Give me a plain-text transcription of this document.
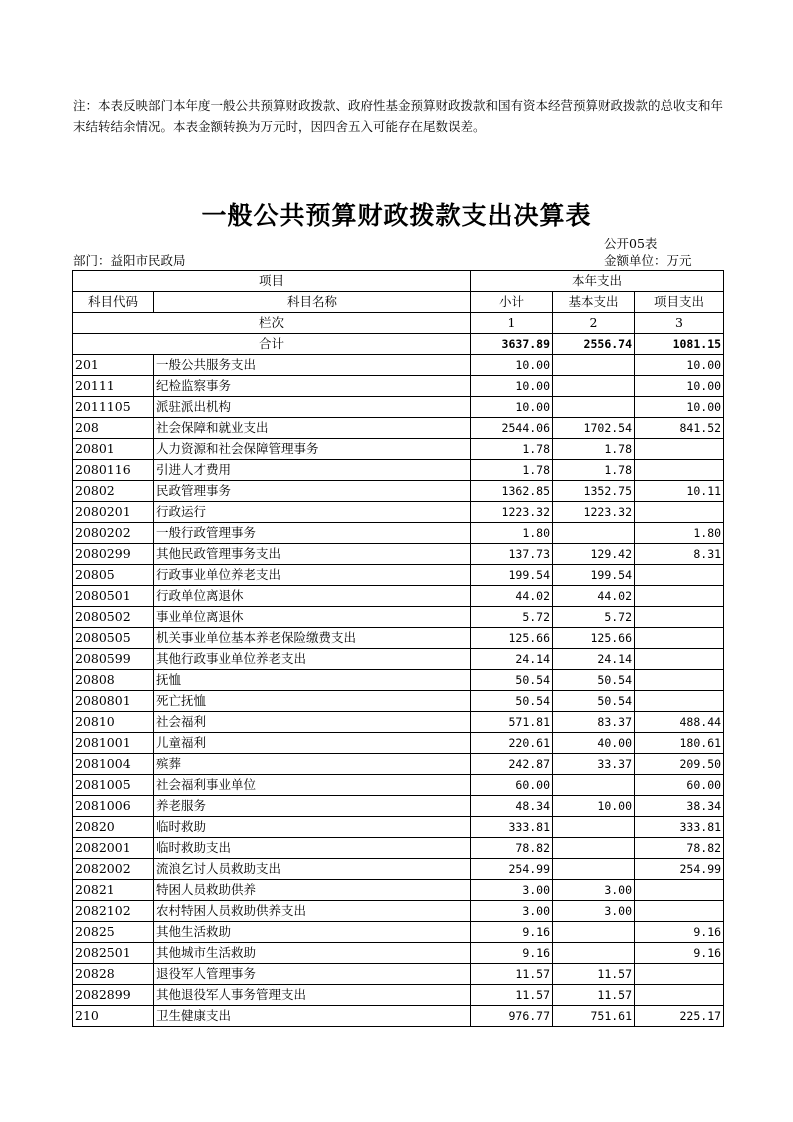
注：本表反映部门本年度一般公共预算财政拨款、政府性基金预算财政拨款和国有资本经营预算财政拨款的总收支和年末结转结余情况。本表金额转换为万元时，因四舍五入可能存在尾数误差。
一般公共预算财政拨款支出决算表
公开05表
部门：益阳市民政局	金额单位：万元
项目		本年支出		
科目代码	科目名称	小计	基本支出	项目支出
栏次		1	2	3
合计		3637.89	2556.74	1081.15
201	一般公共服务支出	10.00		10.00
20111	纪检监察事务	10.00		10.00
2011105	派驻派出机构	10.00		10.00
208	社会保障和就业支出	2544.06	1702.54	841.52
20801	人力资源和社会保障管理事务	1.78	1.78	
2080116	引进人才费用	1.78	1.78	
20802	民政管理事务	1362.85	1352.75	10.11
2080201	行政运行	1223.32	1223.32	
2080202	一般行政管理事务	1.80		1.80
2080299	其他民政管理事务支出	137.73	129.42	8.31
20805	行政事业单位养老支出	199.54	199.54	
2080501	行政单位离退休	44.02	44.02	
2080502	事业单位离退休	5.72	5.72	
2080505	机关事业单位基本养老保险缴费支出	125.66	125.66	
2080599	其他行政事业单位养老支出	24.14	24.14	
20808	抚恤	50.54	50.54	
2080801	死亡抚恤	50.54	50.54	
20810	社会福利	571.81	83.37	488.44
2081001	儿童福利	220.61	40.00	180.61
2081004	殡葬	242.87	33.37	209.50
2081005	社会福利事业单位	60.00		60.00
2081006	养老服务	48.34	10.00	38.34
20820	临时救助	333.81		333.81
2082001	临时救助支出	78.82		78.82
2082002	流浪乞讨人员救助支出	254.99		254.99
20821	特困人员救助供养	3.00	3.00	
2082102	农村特困人员救助供养支出	3.00	3.00	
20825	其他生活救助	9.16		9.16
2082501	其他城市生活救助	9.16		9.16
20828	退役军人管理事务	11.57	11.57	
2082899	其他退役军人事务管理支出	11.57	11.57	
210	卫生健康支出	976.77	751.61	225.17
